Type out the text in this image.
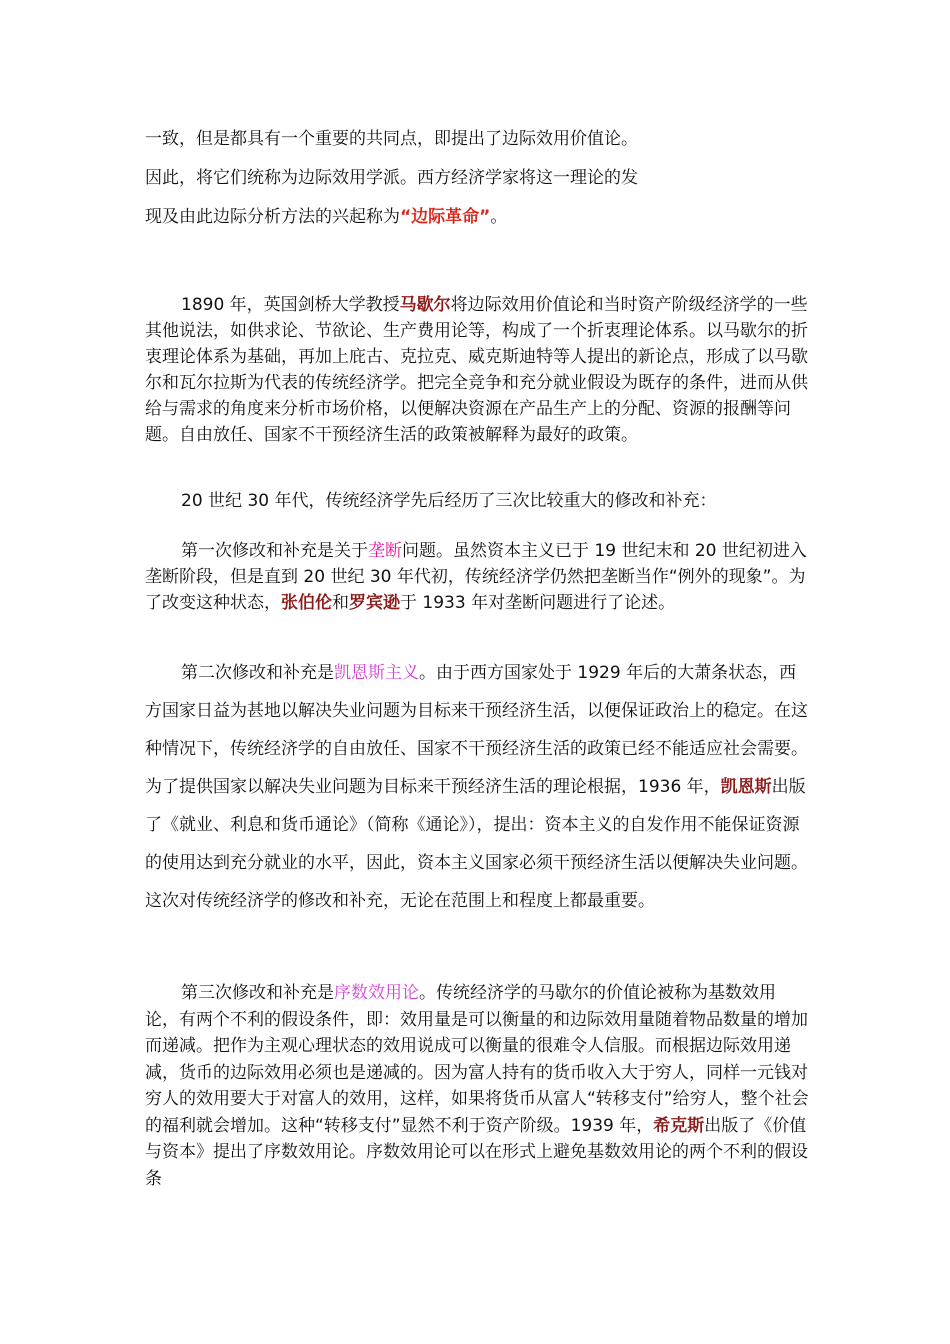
一致，但是都具有一个重要的共同点，即提出了边际效用价值论。因此，将它们统称为边际效用学派。西方经济学家将这一理论的发现及由此边际分析方法的兴起称为“边际革命”。

1890 年，英国剑桥大学教授马歇尔将边际效用价值论和当时资产阶级经济学的一些其他说法，如供求论、节欲论、生产费用论等，构成了一个折衷理论体系。以马歇尔的折衷理论体系为基础，再加上庇古、克拉克、威克斯迪特等人提出的新论点，形成了以马歇尔和瓦尔拉斯为代表的传统经济学。把完全竞争和充分就业假设为既存的条件，进而从供给与需求的角度来分析市场价格，以便解决资源在产品生产上的分配、资源的报酬等问题。自由放任、国家不干预经济生活的政策被解释为最好的政策。

20 世纪 30 年代，传统经济学先后经历了三次比较重大的修改和补充：

第一次修改和补充是关于垄断问题。虽然资本主义已于 19 世纪末和 20 世纪初进入垄断阶段，但是直到 20 世纪 30 年代初，传统经济学仍然把垄断当作“例外的现象”。为了改变这种状态，张伯伦和罗宾逊于 1933 年对垄断问题进行了论述。

第二次修改和补充是凯恩斯主义。由于西方国家处于 1929 年后的大萧条状态，西方国家日益为甚地以解决失业问题为目标来干预经济生活，以便保证政治上的稳定。在这种情况下，传统经济学的自由放任、国家不干预经济生活的政策已经不能适应社会需要。为了提供国家以解决失业问题为目标来干预经济生活的理论根据，1936 年，凯恩斯出版了《就业、利息和货币通论》（简称《通论》），提出：资本主义的自发作用不能保证资源的使用达到充分就业的水平，因此，资本主义国家必须干预经济生活以便解决失业问题。这次对传统经济学的修改和补充，无论在范围上和程度上都最重要。

第三次修改和补充是序数效用论。传统经济学的马歇尔的价值论被称为基数效用论，有两个不利的假设条件，即：效用量是可以衡量的和边际效用量随着物品数量的增加而递减。把作为主观心理状态的效用说成可以衡量的很难令人信服。而根据边际效用递减，货币的边际效用必须也是递减的。因为富人持有的货币收入大于穷人，同样一元钱对穷人的效用要大于对富人的效用，这样，如果将货币从富人“转移支付”给穷人，整个社会的福利就会增加。这种“转移支付”显然不利于资产阶级。1939 年，希克斯出版了《价值与资本》提出了序数效用论。序数效用论可以在形式上避免基数效用论的两个不利的假设条
